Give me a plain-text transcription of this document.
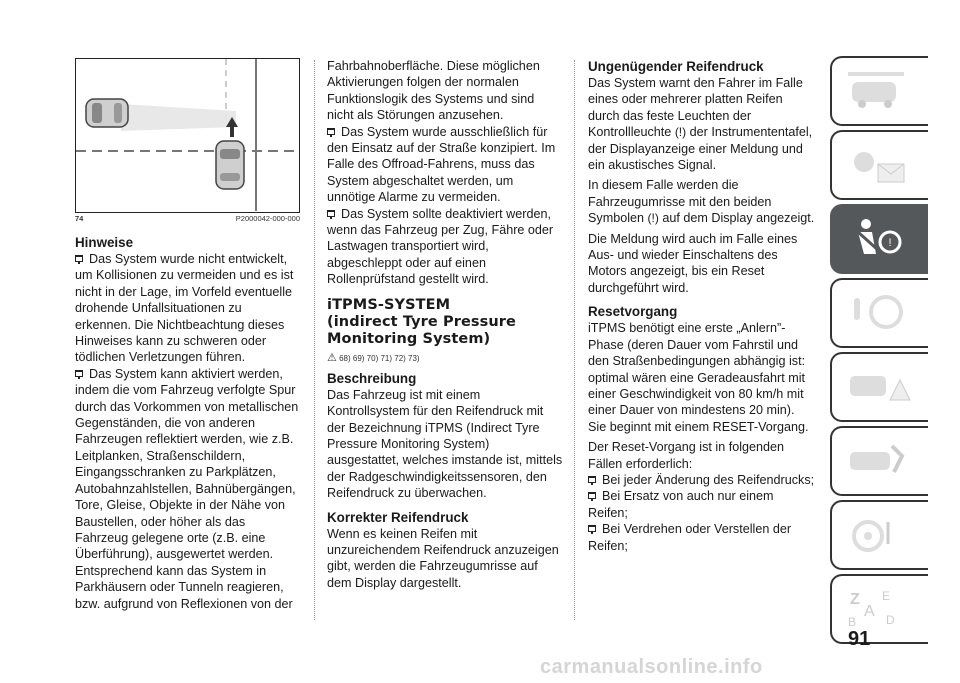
74	P2000042-000-000

Hinweise

Das System wurde nicht entwickelt, um Kollisionen zu vermeiden und es ist nicht in der Lage, im Vorfeld eventuelle drohende Unfallsituationen zu erkennen. Die Nichtbeachtung dieses Hinweises kann zu schweren oder tödlichen Verletzungen führen.

Das System kann aktiviert werden, indem die vom Fahrzeug verfolgte Spur durch das Vorkommen von metallischen Gegenständen, die von anderen Fahrzeugen reflektiert werden, wie z.B. Leitplanken, Straßenschildern, Eingangsschranken zu Parkplätzen, Autobahnzahlstellen, Bahnübergängen, Tore, Gleise, Objekte in der Nähe von Baustellen, oder höher als das Fahrzeug gelegene orte (z.B. eine Überführung), ausgewertet werden. Entsprechend kann das System in Parkhäusern oder Tunneln reagieren, bzw. aufgrund von Reflexionen von der

Fahrbahnoberfläche. Diese möglichen Aktivierungen folgen der normalen Funktionslogik des Systems und sind nicht als Störungen anzusehen.

Das System wurde ausschließlich für den Einsatz auf der Straße konzipiert. Im Falle des Offroad-Fahrens, muss das System abgeschaltet werden, um unnötige Alarme zu vermeiden.

Das System sollte deaktiviert werden, wenn das Fahrzeug per Zug, Fähre oder Lastwagen transportiert wird, abgeschleppt oder auf einen Rollenprüfstand gestellt wird.

iTPMS-SYSTEM
(indirect Tyre Pressure
Monitoring System)
⚠ 68) 69) 70) 71) 72) 73)

Beschreibung

Das Fahrzeug ist mit einem Kontrollsystem für den Reifendruck mit der Bezeichnung iTPMS (Indirect Tyre Pressure Monitoring System) ausgestattet, welches imstande ist, mittels der Radgeschwindigkeitssensoren, den Reifendruck zu überwachen.

Korrekter Reifendruck

Wenn es keinen Reifen mit unzureichendem Reifendruck anzuzeigen gibt, werden die Fahrzeugumrisse auf dem Display dargestellt.

Ungenügender Reifendruck

Das System warnt den Fahrer im Falle eines oder mehrerer platten Reifen durch das feste Leuchten der Kontrollleuchte (!) der Instrumententafel, der Displayanzeige einer Meldung und ein akustisches Signal.

In diesem Falle werden die Fahrzeugumrisse mit den beiden Symbolen (!) auf dem Display angezeigt.

Die Meldung wird auch im Falle eines Aus- und wieder Einschaltens des Motors angezeigt, bis ein Reset durchgeführt wird.

Resetvorgang

iTPMS benötigt eine erste „Anlern”-Phase (deren Dauer vom Fahrstil und den Straßenbedingungen abhängig ist: optimal wären eine Geradeausfahrt mit einer Geschwindigkeit von 80 km/h mit einer Dauer von mindestens 20 min). Sie beginnt mit einem RESET-Vorgang.

Der Reset-Vorgang ist in folgenden Fällen erforderlich:

Bei jeder Änderung des Reifendrucks;

Bei Ersatz von auch nur einem Reifen;

Bei Verdrehen oder Verstellen der Reifen;

!
Z E
A
B D
91
carmanualsonline.info
